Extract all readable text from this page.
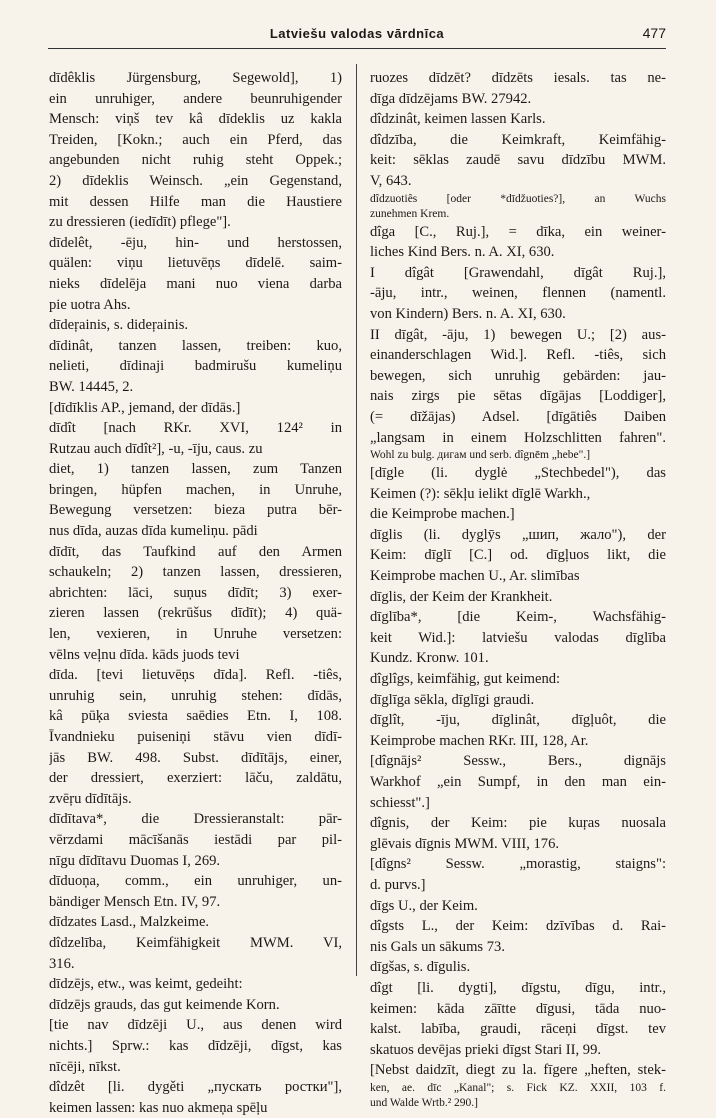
Latviešu valodas vārdnīca	477
dīdêklis Jürgensburg, Segewold], 1)
ein unruhiger, andere beunruhigender
Mensch: viņš tev kâ dīdeklis uz kakla
Treiden, [Kokn.; auch ein Pferd, das
angebunden nicht ruhig steht Oppek.;
2) dīdeklis Weinsch. „ein Gegenstand,
mit dessen Hilfe man die Haustiere
zu dressieren (iedīdīt) pflege"].
dīdelêt, -ēju, hin- und herstossen,
quälen: viņu lietuvēņs dīdelē. saim-
nieks dīdelēja mani nuo viena darba
pie uotra Ahs.
dīdeŗainis, s. dideŗainis.
dīdinât, tanzen lassen, treiben: kuo,
nelieti, dīdinaji badmirušu kumeliņu
BW. 14445, 2.
[dīdīklis AP., jemand, der dīdās.]
dīdît [nach RKr. XVI, 124² in
Rutzau auch dīdît²], -u, -īju, caus. zu
diet, 1) tanzen lassen, zum Tanzen
bringen, hüpfen machen, in Unruhe,
Bewegung versetzen: bieza putra bēr-
nus dīda, auzas dīda kumeliņu. pādi
dīdīt, das Taufkind auf den Armen
schaukeln; 2) tanzen lassen, dressieren,
abrichten: lāci, suņus dīdīt; 3) exer-
zieren lassen (rekrūšus dīdīt); 4) quä-
len, vexieren, in Unruhe versetzen:
vēlns veļnu dīda. kāds juods tevi
dīda. [tevi lietuvēņs dīda]. Refl. -tiês,
unruhig sein, unruhig stehen: dīdās,
kâ pūķa sviesta saēdies Etn. I, 108.
Īvandnieku puiseniņi stāvu vien dīdī-
jās BW. 498. Subst. dīdītājs, einer,
der dressiert, exerziert: lāču, zaldātu,
zvēŗu dīdītājs.
dīdītava*, die Dressieranstalt: pār-
vērzdami mācīšanās iestādi par pil-
nīgu dīdītavu Duomas I, 269.
dīduoņa, comm., ein unruhiger, un-
bändiger Mensch Etn. IV, 97.
dīdzates Lasd., Malzkeime.
dîdzelība, Keimfähigkeit MWM. VI,
316.
dīdzējs, etw., was keimt, gedeiht:
dīdzējs grauds, das gut keimende Korn.
[tie nav dīdzēji U., aus denen wird
nichts.] Sprw.: kas dīdzēji, dīgst, kas
nīcēji, nīkst.
dîdzêt [li. dygěti „пускать ростки"],
keimen lassen: kas nuo akmeņa spēļu
ruozes dīdzēt? dīdzēts iesals. tas ne-
dīga dīdzējams BW. 27942.
dîdzinât, keimen lassen Karls.
dîdzība, die Keimkraft, Keimfähig-
keit: sēklas zaudē savu dīdzību MWM.
V, 643.
dîdzuotiês [oder *dīdžuoties?], an Wuchs
zunehmen Krem.
dîga [C., Ruj.], = dīka, ein weiner-
liches Kind Bers. n. A. XI, 630.
I dîgât [Grawendahl, dīgât Ruj.],
-āju, intr., weinen, flennen (namentl.
von Kindern) Bers. n. A. XI, 630.
II dīgât, -āju, 1) bewegen U.; [2) aus-
einanderschlagen Wid.]. Refl. -tiês, sich
bewegen, sich unruhig gebärden: jau-
nais zirgs pie sētas dīgājas [Loddiger],
(= dīžājas) Adsel. [dīgātiês Daiben
„langsam in einem Holzschlitten fahren".
Wohl zu bulg. дигам und serb. dîgnēm „hebe".]
[dīgle (li. dyglė „Stechbedel"), das
Keimen (?): sēkļu ielikt dīglē Warkh.,
die Keimprobe machen.]
dīglis (li. dyglȳs „шип, жало"), der
Keim: dīglī [C.] od. dīgļuos likt, die
Keimprobe machen U., Ar. slimības
dīglis, der Keim der Krankheit.
dīglība*, [die Keim-, Wachsfähig-
keit Wid.]: latviešu valodas dīglība
Kundz. Kronw. 101.
dîglîgs, keimfähig, gut keimend:
dīglīga sēkla, dīglīgi graudi.
dīglît, -īju, dīglinât, dīgļuôt, die
Keimprobe machen RKr. III, 128, Ar.
[dîgnājs² Sessw., Bers., dignājs
Warkhof „ein Sumpf, in den man ein-
schiesst".]
dîgnis, der Keim: pie kuŗas nuosala
glēvais dīgnis MWM. VIII, 176.
[dîgns² Sessw. „morastig, staigns":
d. purvs.]
dīgs U., der Keim.
dîgsts L., der Keim: dzīvības d. Rai-
nis Gals un sākums 73.
dīgšas, s. dīgulis.
dîgt [li. dygti], dīgstu, dīgu, intr.,
keimen: kāda zāītte dīgusi, tāda nuo-
kalst. labība, graudi, rāceņi dīgst. tev
skatuos devējas prieki dīgst Stari II, 99.
[Nebst daidzīt, diegt zu la. fīgere „heften, stek-
ken, ae. dīc „Kanal"; s. Fick KZ. XXII, 103 f.
und Walde Wrtb.² 290.]
